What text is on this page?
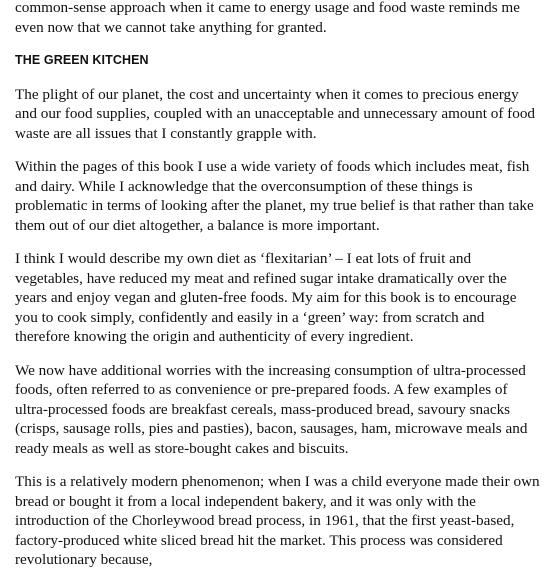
common-sense approach when it came to energy usage and food waste reminds me even now that we cannot take anything for granted.

THE GREEN KITCHEN

The plight of our planet, the cost and uncertainty when it comes to precious energy and our food supplies, coupled with an unacceptable and unnecessary amount of food waste are all issues that I constantly grapple with.

Within the pages of this book I use a wide variety of foods which includes meat, fish and dairy. While I acknowledge that the overconsumption of these things is problematic in terms of looking after the planet, my true belief is that rather than take them out of our diet altogether, a balance is more important.

I think I would describe my own diet as ‘flexitarian’ – I eat lots of fruit and vegetables, have reduced my meat and refined sugar intake dramatically over the years and enjoy vegan and gluten-free foods. My aim for this book is to encourage you to cook simply, confidently and easily in a ‘green’ way: from scratch and therefore knowing the origin and authenticity of every ingredient.

We now have additional worries with the increasing consumption of ultra-processed foods, often referred to as convenience or pre-prepared foods. A few examples of ultra-processed foods are breakfast cereals, mass-produced bread, savoury snacks (crisps, sausage rolls, pies and pasties), bacon, sausages, ham, microwave meals and ready meals as well as store-bought cakes and biscuits.

This is a relatively modern phenomenon; when I was a child everyone made their own bread or bought it from a local independent bakery, and it was only with the introduction of the Chorleywood bread process, in 1961, that the first yeast-based, factory-produced white sliced bread hit the market. This process was considered revolutionary because,
